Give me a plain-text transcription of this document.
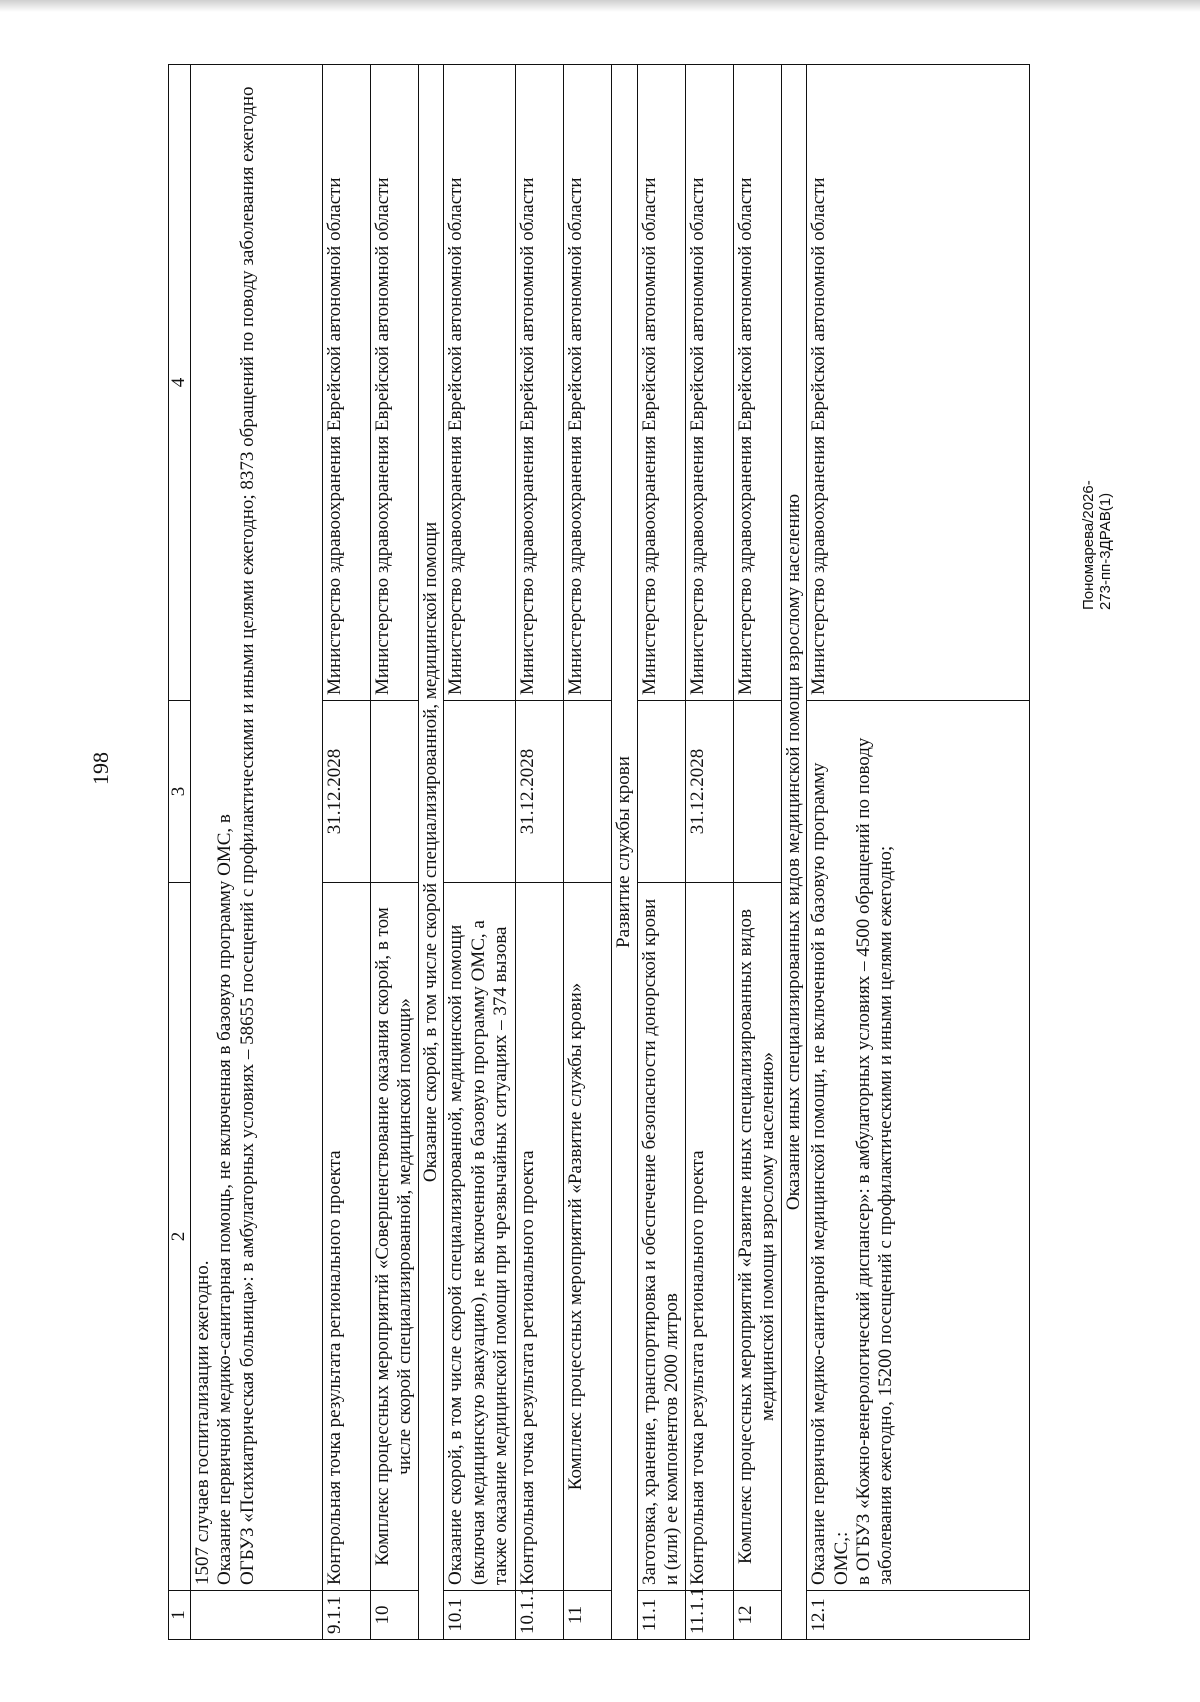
198
1	2	3	4

	1507 случаев госпитализации ежегодно. Оказание первичной медико-санитарная помощь, не включенная в базовую программу ОМС, в ОГБУЗ «Психиатрическая больница»: в амбулаторных условиях – 58655 посещений с профилактическими и иными целями ежегодно; 8373 обращений по поводу заболевания ежегодно		

9.1.1	Контрольная точка результата регионального проекта	31.12.2028	Министерство здравоохранения Еврейской автономной области
10	Комплекс процессных мероприятий «Совершенствование оказания скорой, в том числе скорой специализированной, медицинской помощи»		Министерство здравоохранения Еврейской автономной области
Оказание скорой, в том числе скорой специализированной, медицинской помощи			
10.1	Оказание скорой, в том числе скорой специализированной, медицинской помощи (включая медицинскую эвакуацию), не включенной в базовую программу ОМС, а также оказание медицинской помощи при чрезвычайных ситуациях – 374 вызова		Министерство здравоохранения Еврейской автономной области
10.1.1	Контрольная точка результата регионального проекта	31.12.2028	Министерство здравоохранения Еврейской автономной области
11	Комплекс процессных мероприятий «Развитие службы крови»		Министерство здравоохранения Еврейской автономной области
Развитие службы крови			
11.1	Заготовка, хранение, транспортировка и обеспечение безопасности донорской крови и (или) ее компонентов 2000 литров		Министерство здравоохранения Еврейской автономной области
11.1.1	Контрольная точка результата регионального проекта	31.12.2028	Министерство здравоохранения Еврейской автономной области
12	Комплекс процессных мероприятий «Развитие иных специализированных видов медицинской помощи взрослому населению»		Министерство здравоохранения Еврейской автономной области
Оказание иных специализированных видов медицинской помощи взрослому населению			
12.1	Оказание первичной медико-санитарной медицинской помощи, не включенной в базовую программу ОМС,: в ОГБУЗ «Кожно-венерологический диспансер»: в амбулаторных условиях – 4500 обращений по поводу заболевания ежегодно, 15200 посещений с профилактическими и иными целями ежегодно;		Министерство здравоохранения Еврейской автономной области	Пономарева/2026-273-пп-3ДРАВ(1)
